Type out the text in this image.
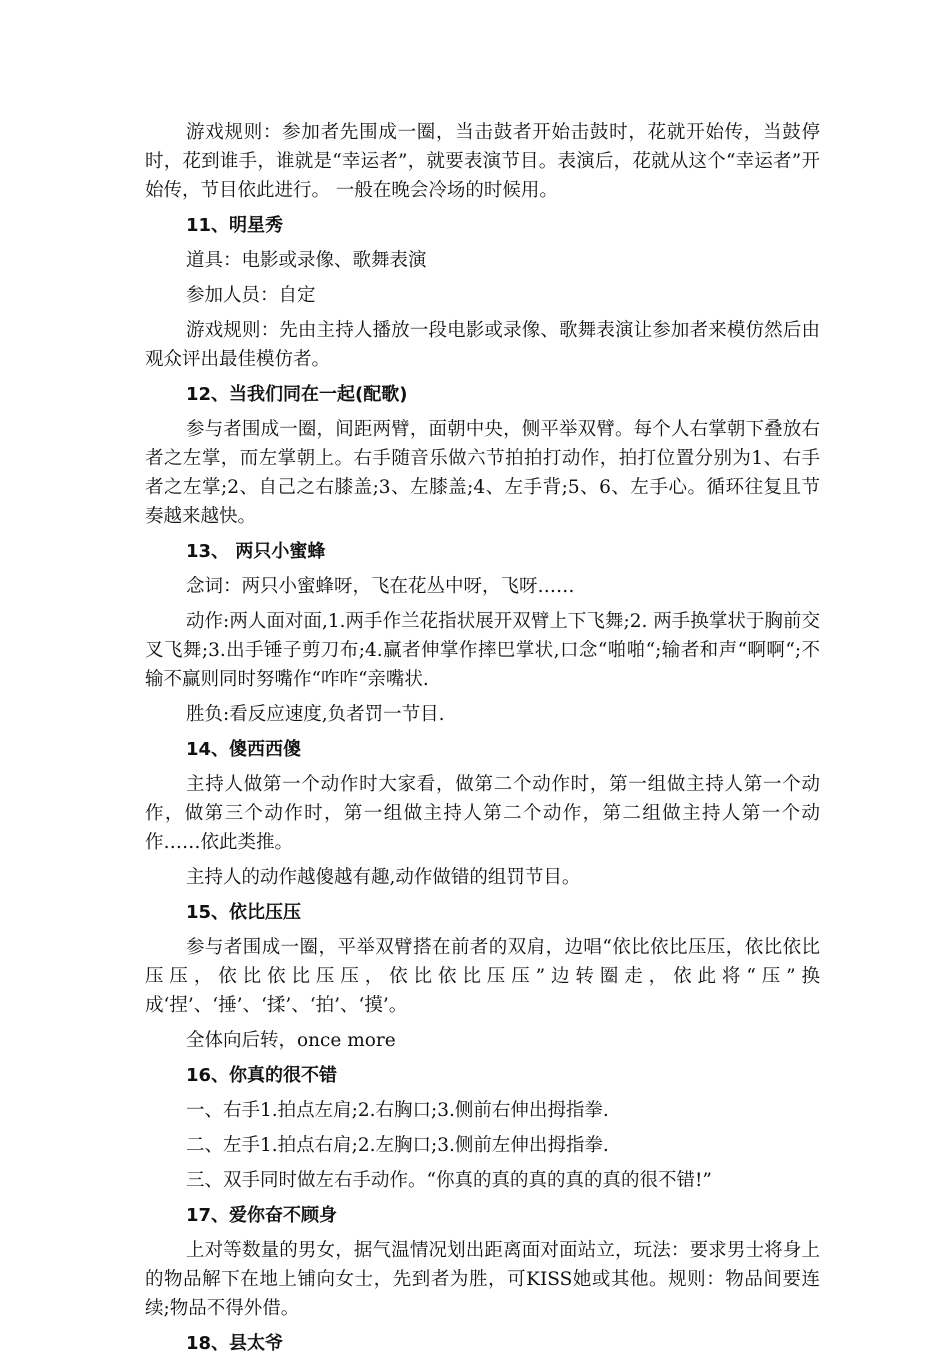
游戏规则：参加者先围成一圈，当击鼓者开始击鼓时，花就开始传，当鼓停时，花到谁手，谁就是“幸运者”，就要表演节目。表演后，花就从这个“幸运者”开始传，节目依此进行。 一般在晚会冷场的时候用。

11、明星秀

道具：电影或录像、歌舞表演

参加人员：自定

游戏规则：先由主持人播放一段电影或录像、歌舞表演让参加者来模仿然后由观众评出最佳模仿者。

12、当我们同在一起(配歌)

参与者围成一圈，间距两臂，面朝中央，侧平举双臂。每个人右掌朝下叠放右者之左掌，而左掌朝上。右手随音乐做六节拍拍打动作，拍打位置分别为1、右手者之左掌;2、自己之右膝盖;3、左膝盖;4、左手背;5、6、左手心。循环往复且节奏越来越快。

13、 两只小蜜蜂

念词：两只小蜜蜂呀，飞在花丛中呀，飞呀……

动作:两人面对面,1.两手作兰花指状展开双臂上下飞舞;2. 两手换掌状于胸前交叉飞舞;3.出手锤子剪刀布;4.赢者伸掌作摔巴掌状,口念“啪啪“;输者和声“啊啊“;不输不赢则同时努嘴作“咋咋“亲嘴状.

胜负:看反应速度,负者罚一节目.

14、傻西西傻

主持人做第一个动作时大家看，做第二个动作时，第一组做主持人第一个动作，做第三个动作时，第一组做主持人第二个动作，第二组做主持人第一个动作……依此类推。

主持人的动作越傻越有趣,动作做错的组罚节目。

15、依比压压

参与者围成一圈，平举双臂搭在前者的双肩，边唱“依比依比压压，依比依比压压，依比依比压压，依比依比压压”边转圈走，依此将“压”换成‘捏’、‘捶’、‘揉’、‘拍’、‘摸’。

全体向后转，once more

16、你真的很不错

一、右手1.拍点左肩;2.右胸口;3.侧前右伸出拇指拳.

二、左手1.拍点右肩;2.左胸口;3.侧前左伸出拇指拳.

三、双手同时做左右手动作。“你真的真的真的真的真的很不错!”

17、爱你奋不顾身

上对等数量的男女，据气温情况划出距离面对面站立，玩法：要求男士将身上的物品解下在地上铺向女士，先到者为胜，可KISS她或其他。规则：物品间要连续;物品不得外借。

18、县太爷
